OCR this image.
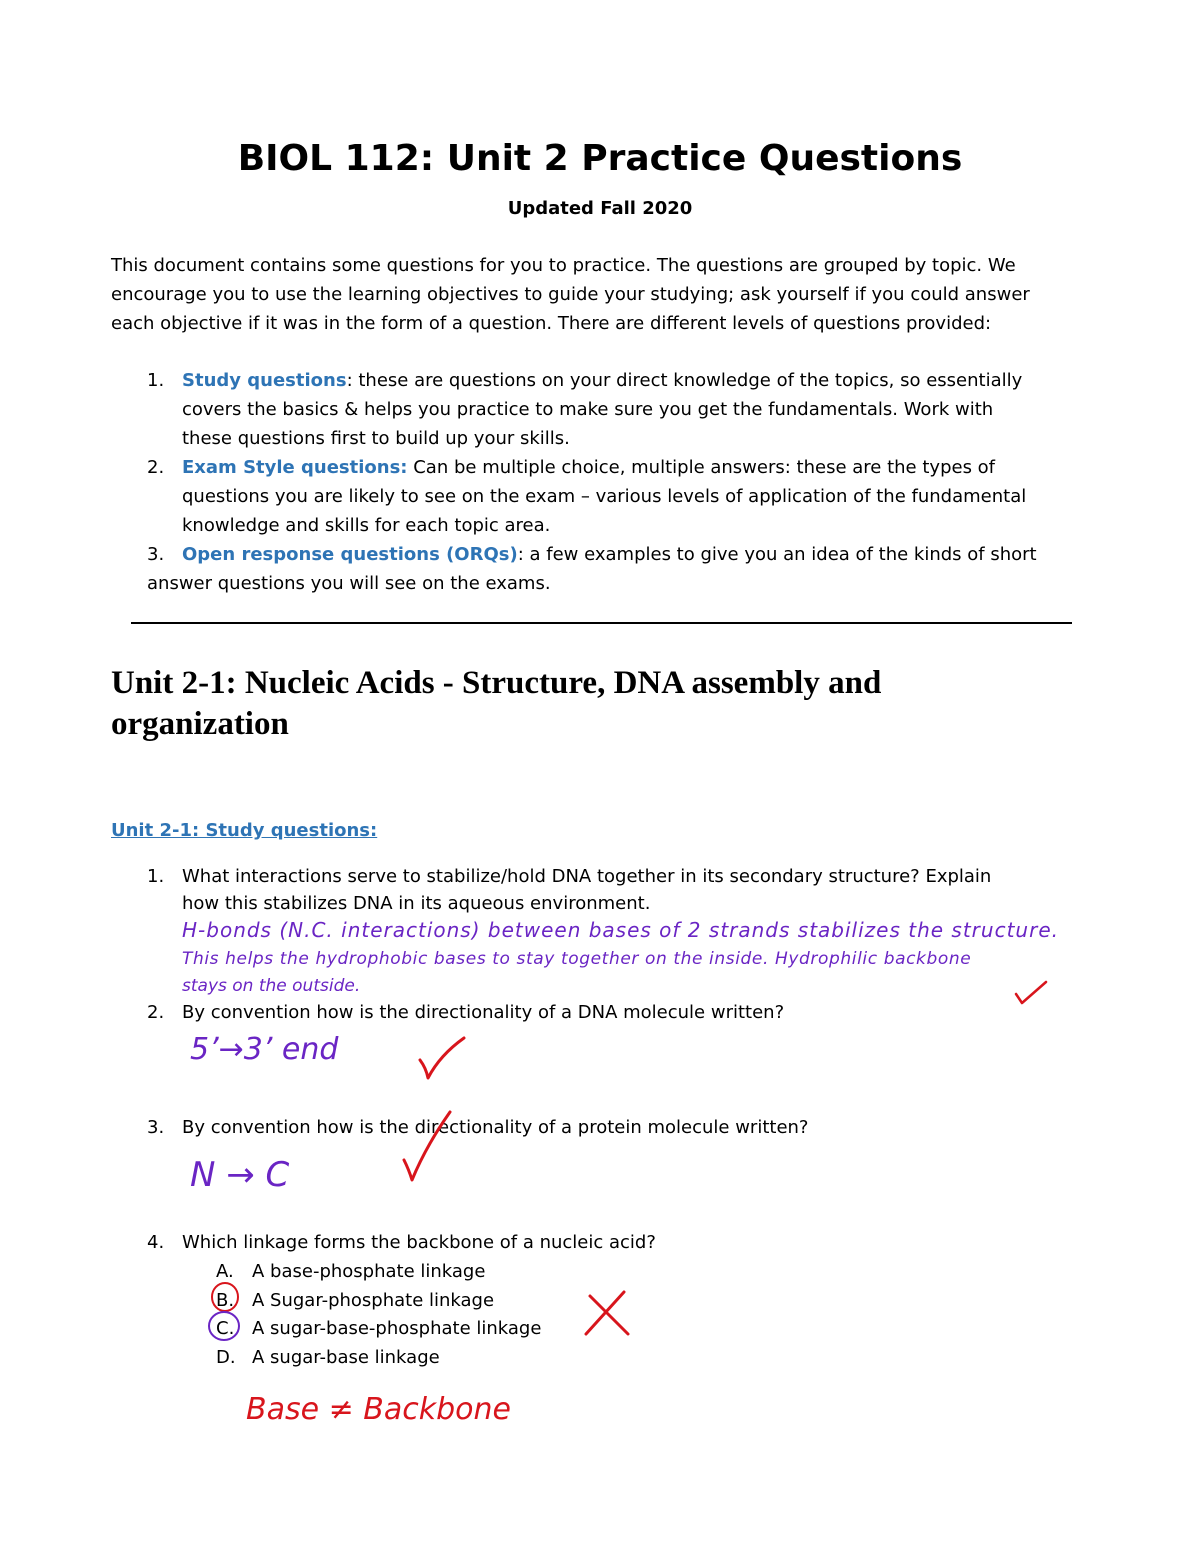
BIOL 112: Unit 2 Practice Questions
Updated Fall 2020
This document contains some questions for you to practice. The questions are grouped by topic. We
encourage you to use the learning objectives to guide your studying; ask yourself if you could answer
each objective if it was in the form of a question. There are different levels of questions provided:
1. Study questions: these are questions on your direct knowledge of the topics, so essentially
covers the basics & helps you practice to make sure you get the fundamentals. Work with
these questions first to build up your skills.
2. Exam Style questions: Can be multiple choice, multiple answers: these are the types of
questions you are likely to see on the exam – various levels of application of the fundamental
knowledge and skills for each topic area.
3. Open response questions (ORQs): a few examples to give you an idea of the kinds of short
answer questions you will see on the exams.
Unit 2-1: Nucleic Acids - Structure, DNA assembly and
organization
Unit 2-1: Study questions:
1. What interactions serve to stabilize/hold DNA together in its secondary structure? Explain
how this stabilizes DNA in its aqueous environment.
H-bonds (N.C. interactions) between bases of 2 strands stabilizes the structure.
This helps the hydrophobic bases to stay together on the inside. Hydrophilic backbone
stays on the outside.
2. By convention how is the directionality of a DNA molecule written?
5’→3’ end
3. By convention how is the directionality of a protein molecule written?
N → C
4. Which linkage forms the backbone of a nucleic acid?
A. A base-phosphate linkage
B. A Sugar-phosphate linkage
C. A sugar-base-phosphate linkage
D. A sugar-base linkage
Base ≠ Backbone
